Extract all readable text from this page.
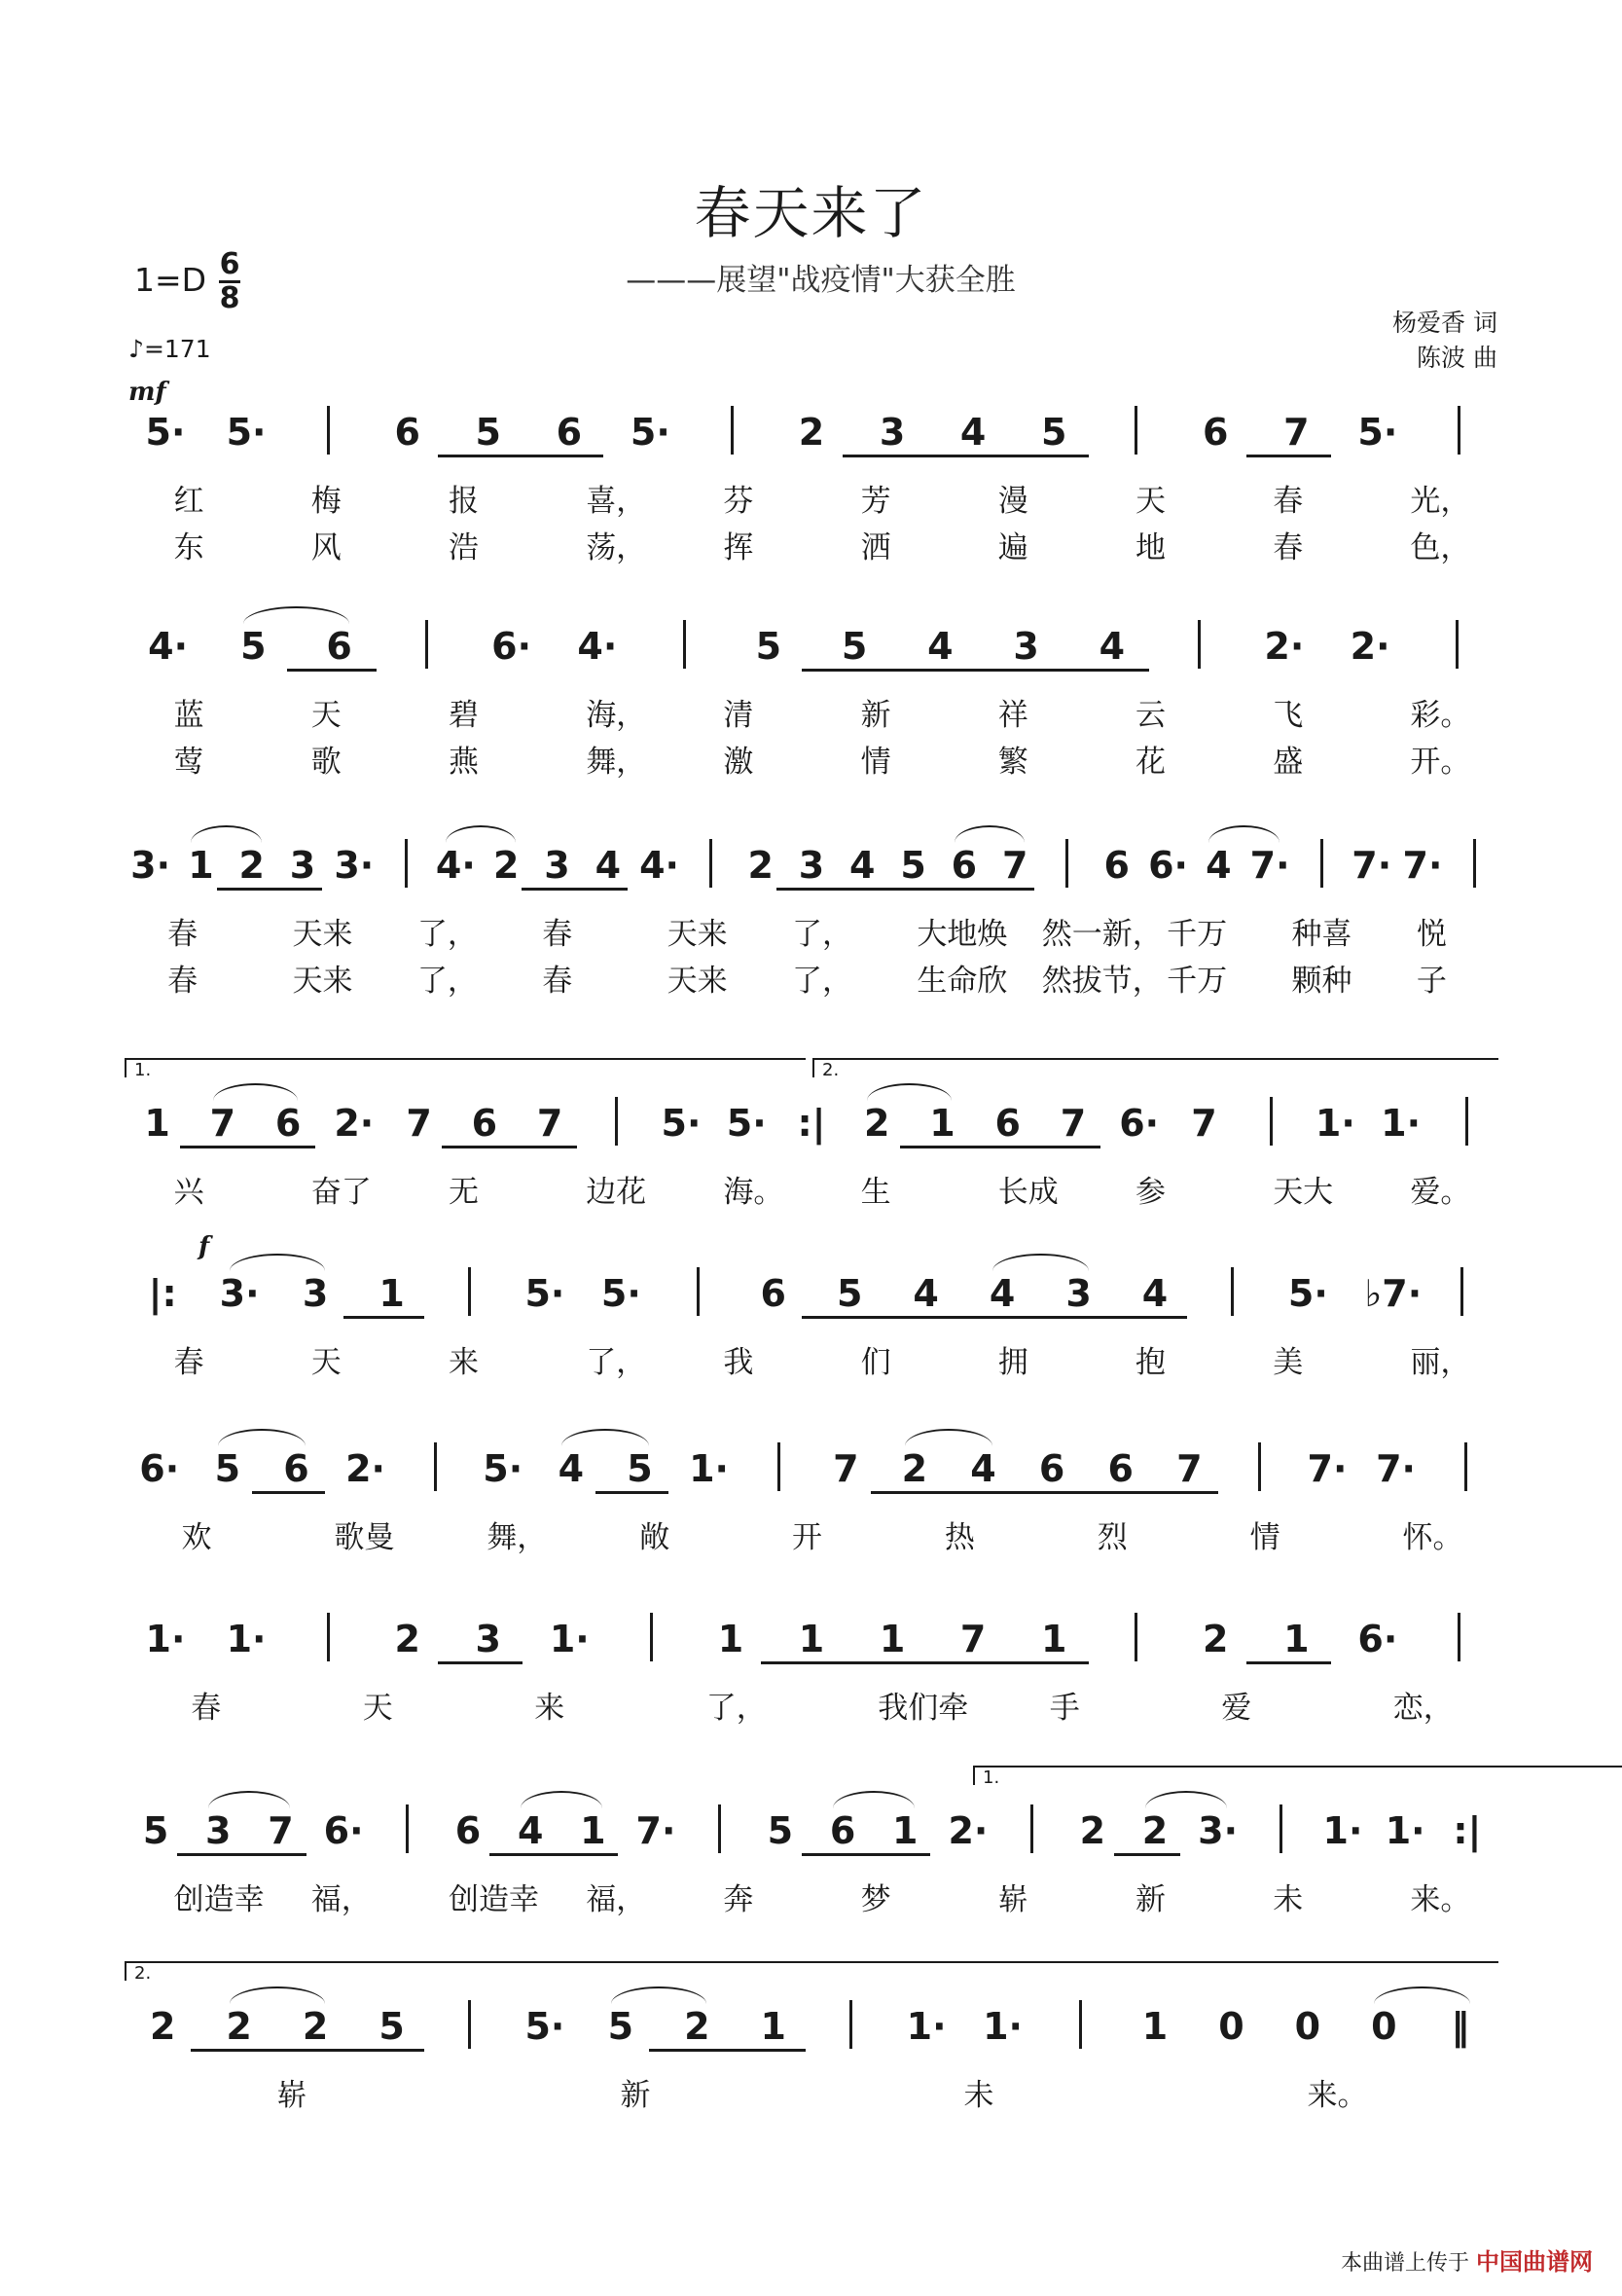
春天来了
———展望"战疫情"大获全胜
1=D 6
8
♪=171
杨爱香 词
陈波 曲
mf
f
5· 5·	6 5 6 5·	2 3 4 5	6 7 5·
红	梅	报	喜，	芬	芳	漫	天	春	光，
东	风	浩	荡，	挥	洒	遍	地	春	色，
4· 5 6	6· 4·	5 5 4 3 4	2· 2·
蓝	天	碧	海，	清	新	祥	云	飞	彩。
莺	歌	燕	舞，	激	情	繁	花	盛	开。
3· 1 2 3 3· 4· 2 3 4 4· 2 3 4 5 6 7 6 6· 4 7· 7· 7·
春	天来 了， 春	天来 了， 大地焕 然一新， 千万 种喜 悦
春	天来 了， 春	天来 了， 生命欣 然拔节， 千万 颗种 子
1 7 6 2· 7 6 7	5· 5· :| 2 1 6 7 6· 7	1· 1·
兴	奋了	无	边花	海。	生	长成	参	天大	爱。
1.	2.
|: 3· 3 1	5· 5·	6 5 4 4 3 4	5· ♭7·
春	天	来	了，	我	们	拥	抱	美	丽，
6· 5 6 2·	5· 4 5 1·	7 2 4 6 6 7	7· 7·
欢	歌曼	舞，	敞	开	热	烈	情	怀。
1· 1·	2 3 1·	1 1 1 7 1	2 1 6·
春	天	来	了，	我们牵	手	爱	恋，
5 3 7 6· 6 4 1 7· 5 6 1 2· 2 2 3· 1· 1· :|
创造幸 福，	创造幸 福，	奔	梦	崭	新	未	来。
1.
2 2 2 5	5· 5 2 1	1· 1·	1 0 0 0 ‖
崭	新	未	来。
2.
本曲谱上传于 中国曲谱网
